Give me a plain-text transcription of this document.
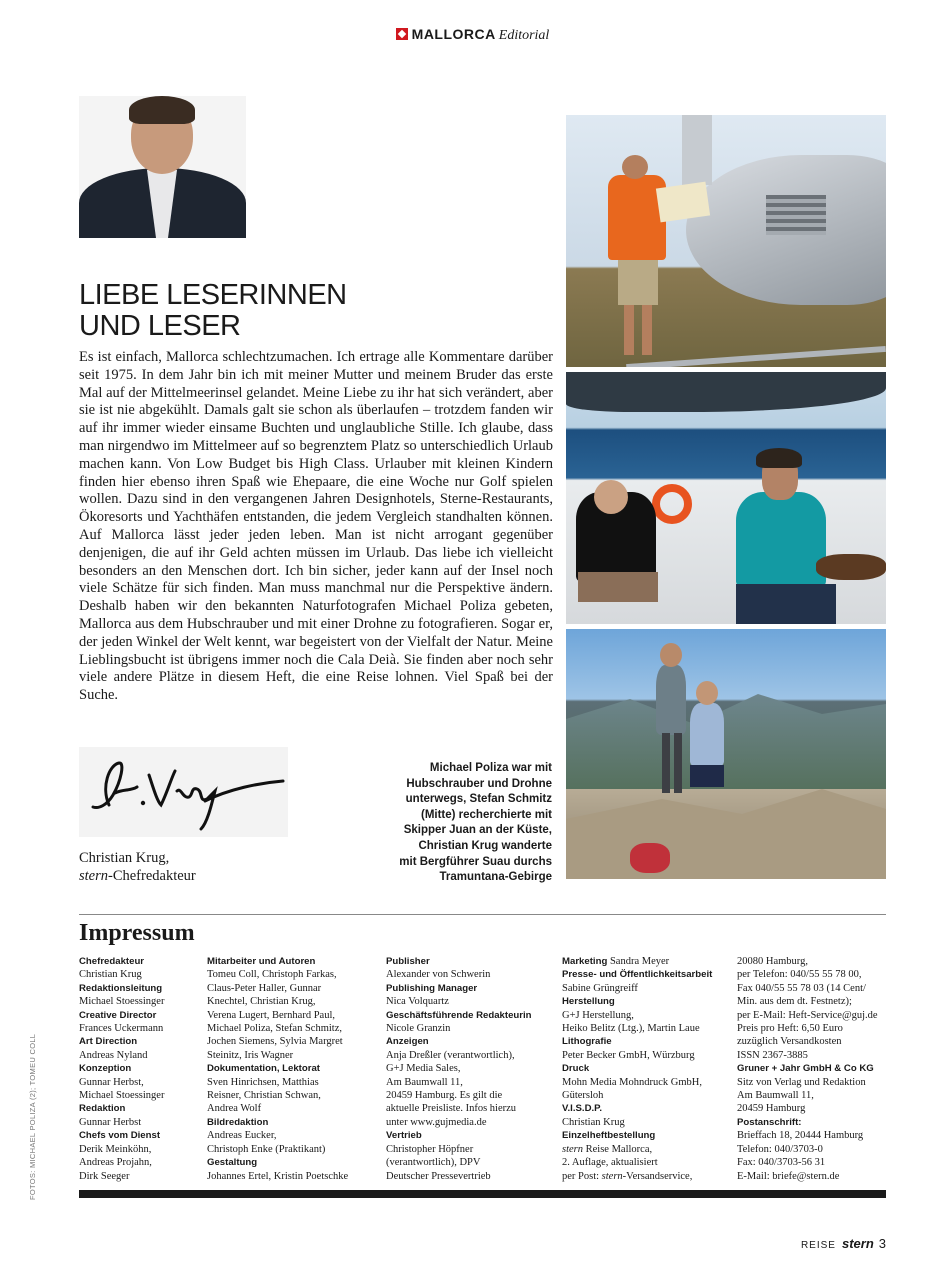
MALLORCA Editorial
LIEBE LESERINNEN
UND LESER

Es ist einfach, Mallorca schlechtzumachen. Ich ertrage alle Kommentare darüber seit 1975. In dem Jahr bin ich mit meiner Mutter und meinem Bruder das erste Mal auf der Mittelmeerinsel gelandet. Meine Liebe zu ihr hat sich verändert, aber sie ist nie abgekühlt. Damals galt sie schon als überlaufen – trotzdem fanden wir auf ihr immer wieder einsame Buchten und unglaubliche Stille. Ich glaube, dass man nirgendwo im Mittelmeer auf so begrenztem Platz so unterschiedlich Urlaub machen kann. Von Low Budget bis High Class. Urlauber mit kleinen Kindern finden hier ebenso ihren Spaß wie Ehepaare, die eine Woche nur Golf spielen wollen. Dazu sind in den vergangenen Jahren Designhotels, Sterne-Restaurants, Ökoresorts und Yachthäfen entstanden, die jedem Vergleich standhalten können. Auf Mallorca lässt jeder jeden leben. Man ist nicht arrogant gegenüber denjenigen, die auf ihr Geld achten müssen im Urlaub. Das liebe ich vielleicht besonders an den Menschen dort. Ich bin sicher, jeder kann auf der Insel noch viele Schätze für sich finden. Man muss manchmal nur die Perspektive ändern. Deshalb haben wir den bekannten Naturfotografen Michael Poliza gebeten, Mallorca aus dem Hubschrauber und mit einer Drohne zu fotografieren. Sogar er, der jeden Winkel der Welt kennt, war begeistert von der Vielfalt der Natur. Meine Lieblingsbucht ist übrigens immer noch die Cala Deià. Sie finden aber noch sehr viele andere Plätze in diesem Heft, die eine Reise lohnen. Viel Spaß bei der Suche.

Christian Krug,
stern-Chefredakteur
Michael Poliza war mit
Hubschrauber und Drohne
unterwegs, Stefan Schmitz
(Mitte) recherchierte mit
Skipper Juan an der Küste,
Christian Krug wanderte
mit Bergführer Suau durchs
Tramuntana-Gebirge
Impressum
Chefredakteur
Christian Krug
Redaktionsleitung
Michael Stoessinger
Creative Director
Frances Uckermann
Art Direction
Andreas Nyland
Konzeption
Gunnar Herbst,
Michael Stoessinger
Redaktion
Gunnar Herbst
Chefs vom Dienst
Derik Meinköhn,
Andreas Projahn,
Dirk Seeger
Mitarbeiter und Autoren
Tomeu Coll, Christoph Farkas,
Claus-Peter Haller, Gunnar
Knechtel, Christian Krug,
Verena Lugert, Bernhard Paul,
Michael Poliza, Stefan Schmitz,
Jochen Siemens, Sylvia Margret
Steinitz, Iris Wagner
Dokumentation, Lektorat
Sven Hinrichsen, Matthias
Reisner, Christian Schwan,
Andrea Wolf
Bildredaktion
Andreas Eucker,
Christoph Enke (Praktikant)
Gestaltung
Johannes Ertel, Kristin Poetschke
Publisher
Alexander von Schwerin
Publishing Manager
Nica Volquartz
Geschäftsführende Redakteurin
Nicole Granzin
Anzeigen
Anja Dreßler (verantwortlich),
G+J Media Sales,
Am Baumwall 11,
20459 Hamburg. Es gilt die
aktuelle Preisliste. Infos hierzu
unter www.gujmedia.de
Vertrieb
Christopher Höpfner
(verantwortlich), DPV
Deutscher Pressevertrieb
Marketing Sandra Meyer
Presse- und Öffentlichkeitsarbeit
Sabine Grüngreiff
Herstellung
G+J Herstellung,
Heiko Belitz (Ltg.), Martin Laue
Lithografie
Peter Becker GmbH, Würzburg
Druck
Mohn Media Mohndruck GmbH,
Gütersloh
V.I.S.D.P.
Christian Krug
Einzelheftbestellung
stern Reise Mallorca,
2. Auflage, aktualisiert
per Post: stern-Versandservice,
20080 Hamburg,
per Telefon: 040/55 55 78 00,
Fax 040/55 55 78 03 (14 Cent/
Min. aus dem dt. Festnetz);
per E-Mail: Heft-Service@guj.de
Preis pro Heft: 6,50 Euro
zuzüglich Versandkosten
ISSN 2367-3885
Gruner + Jahr GmbH & Co KG
Sitz von Verlag und Redaktion
Am Baumwall 11,
20459 Hamburg
Postanschrift:
Brieffach 18, 20444 Hamburg
Telefon: 040/3703-0
Fax: 040/3703-56 31
E-Mail: briefe@stern.de
FOTOS: MICHAEL POLIZA (2); TOMEU COLL
REISE stern 3
